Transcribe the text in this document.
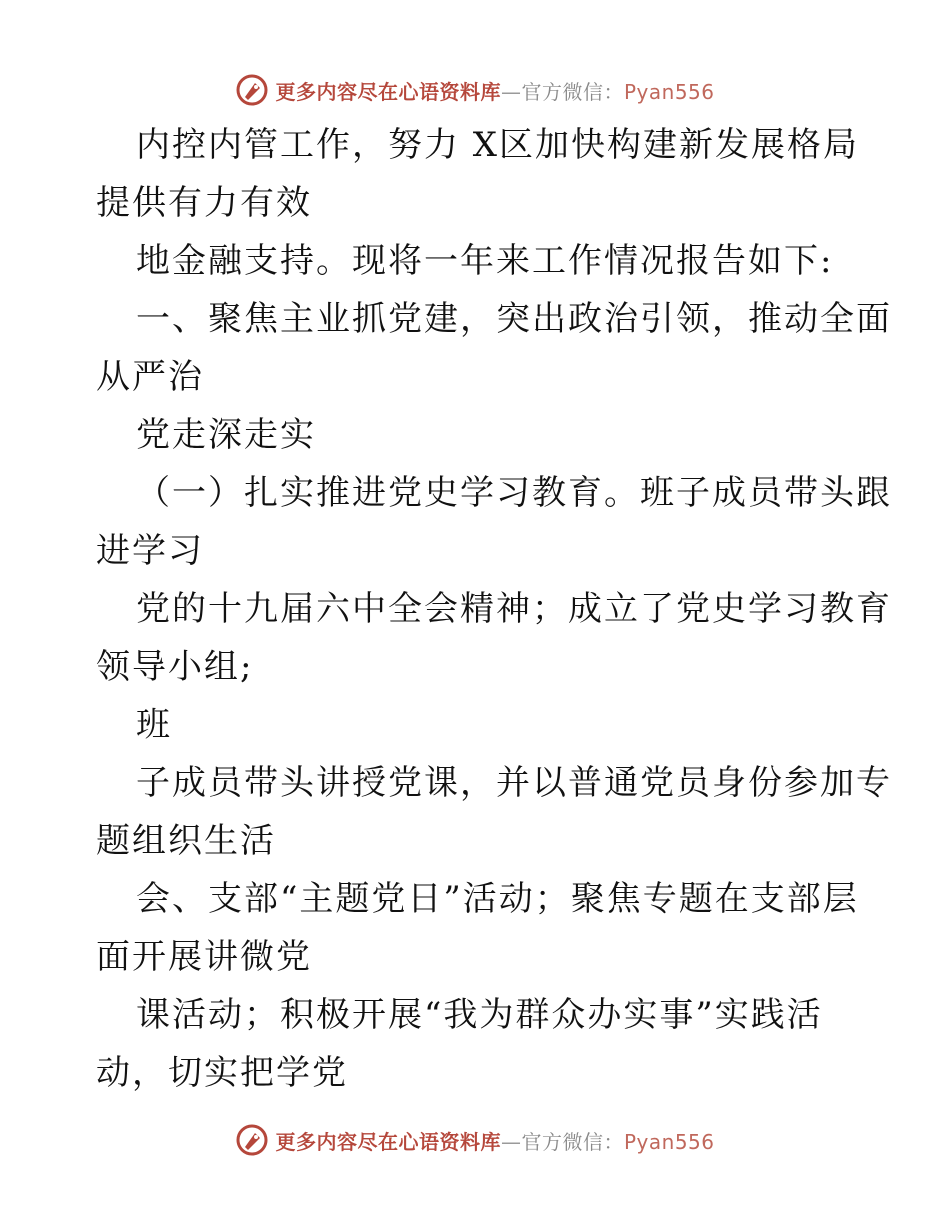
更多内容尽在心语资料库—官方微信：Pyan556
内控内管工作，努力 X区加快构建新发展格局
提供有力有效
地金融支持。现将一年来工作情况报告如下:
一、聚焦主业抓党建，突出政治引领，推动全面
从严治
党走深走实
（一）扎实推进党史学习教育。班子成员带头跟
进学习
党的十九届六中全会精神；成立了党史学习教育
领导小组;
班
子成员带头讲授党课，并以普通党员身份参加专
题组织生活
会、支部“主题党日”活动；聚焦专题在支部层
面开展讲微党
课活动；积极开展“我为群众办实事”实践活
动，切实把学党
更多内容尽在心语资料库—官方微信：Pyan556
